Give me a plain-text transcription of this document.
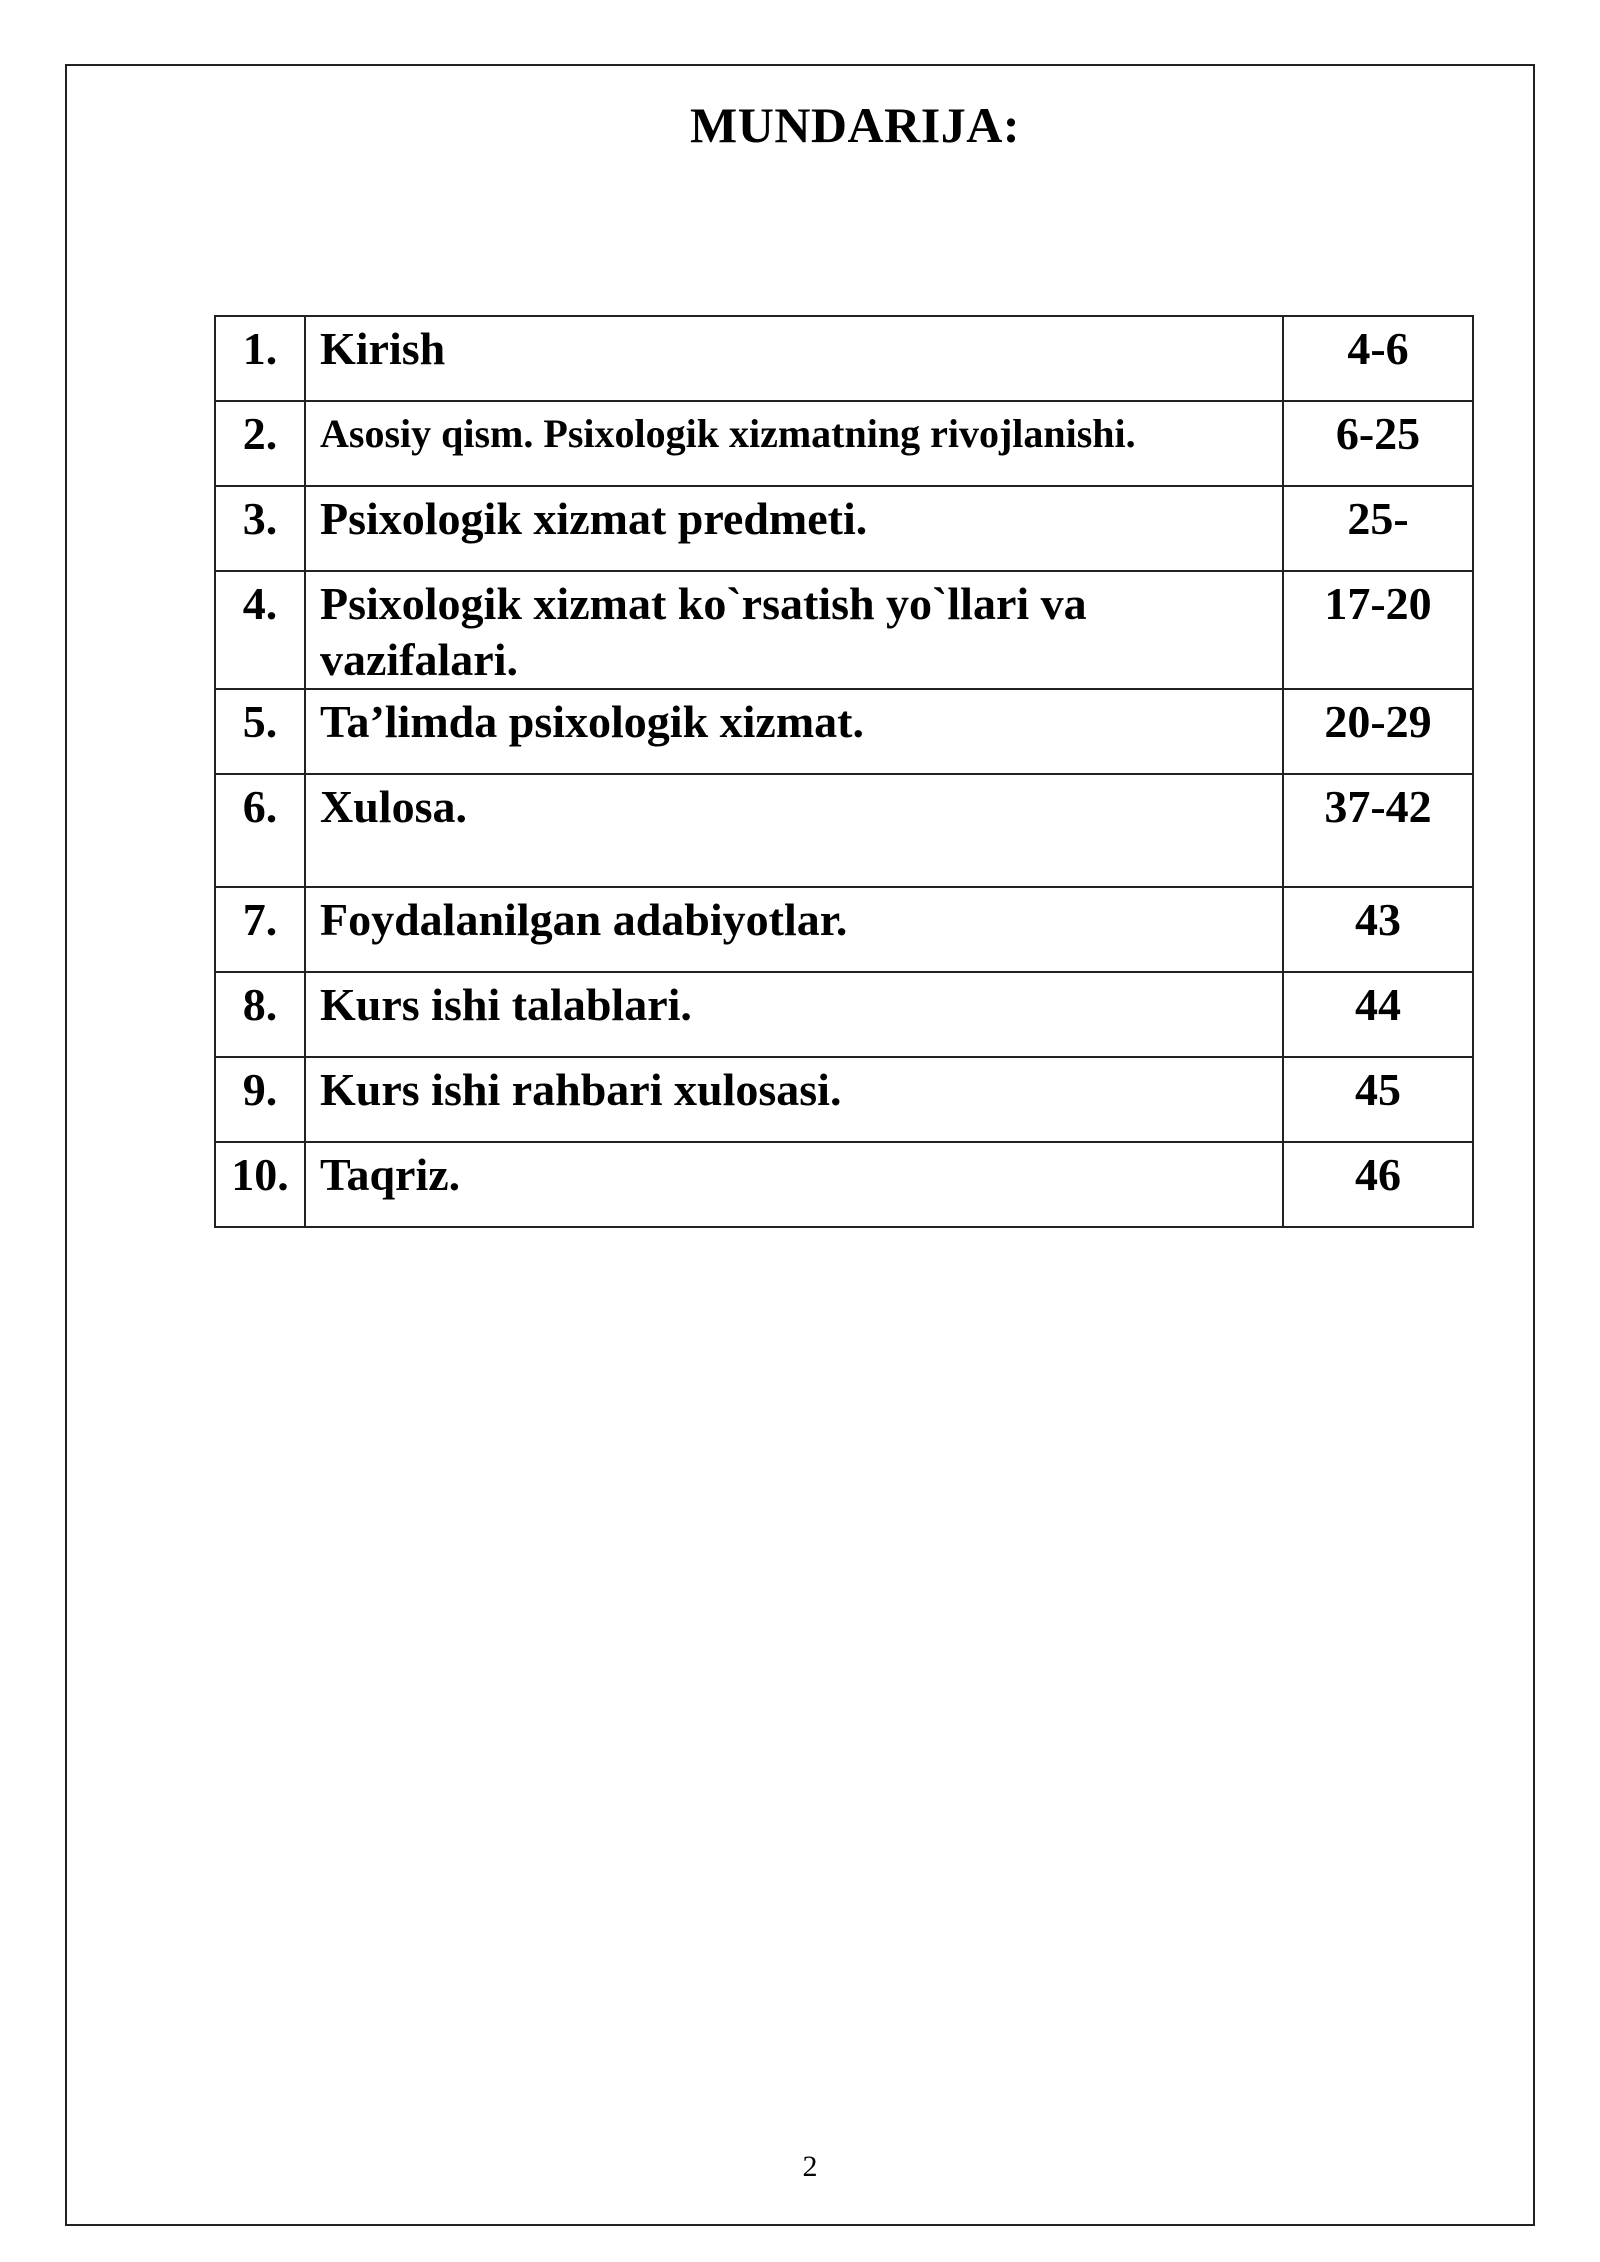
MUNDARIJA:
1.	Kirish	4-6
2.	Asosiy qism. Psixologik xizmatning rivojlanishi.	6-25
3.	Psixologik xizmat predmeti.	25-
4.	Psixologik xizmat ko`rsatish yo`llari va vazifalari.	17-20
5.	Ta’limda psixologik xizmat.	20-29
6.	Xulosa.	37-42
7.	Foydalanilgan adabiyotlar.	43
8.	Kurs ishi talablari.	44
9.	Kurs ishi rahbari xulosasi.	45
10.	Taqriz.	46
2
